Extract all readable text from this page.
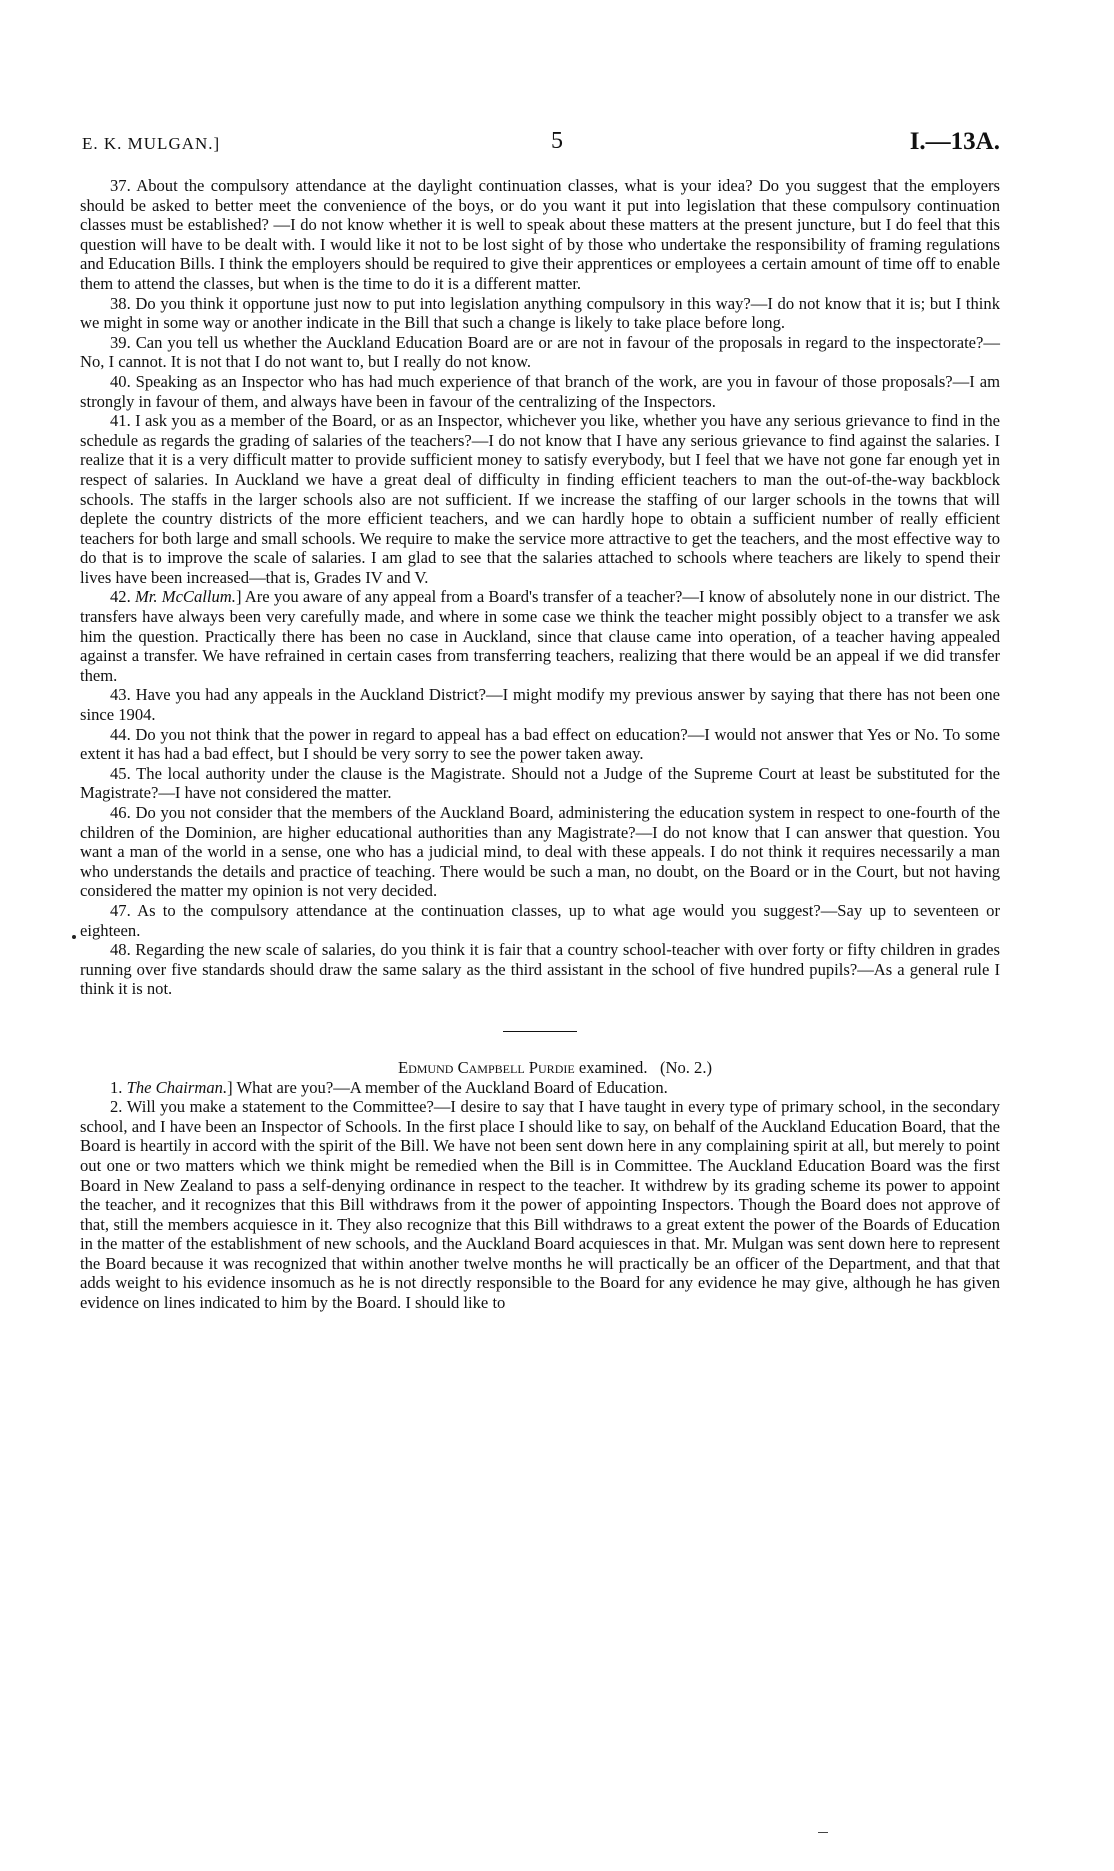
E. K. MULGAN.]	5	I.—13A.

37. About the compulsory attendance at the daylight continuation classes, what is your idea? Do you suggest that the employers should be asked to better meet the convenience of the boys, or do you want it put into legislation that these compulsory continuation classes must be established? —I do not know whether it is well to speak about these matters at the present juncture, but I do feel that this question will have to be dealt with. I would like it not to be lost sight of by those who undertake the responsibility of framing regulations and Education Bills. I think the employers should be required to give their apprentices or employees a certain amount of time off to enable them to attend the classes, but when is the time to do it is a different matter.

38. Do you think it opportune just now to put into legislation anything compulsory in this way?—I do not know that it is; but I think we might in some way or another indicate in the Bill that such a change is likely to take place before long.

39. Can you tell us whether the Auckland Education Board are or are not in favour of the proposals in regard to the inspectorate?—No, I cannot. It is not that I do not want to, but I really do not know.

40. Speaking as an Inspector who has had much experience of that branch of the work, are you in favour of those proposals?—I am strongly in favour of them, and always have been in favour of the centralizing of the Inspectors.

41. I ask you as a member of the Board, or as an Inspector, whichever you like, whether you have any serious grievance to find in the schedule as regards the grading of salaries of the teachers?—I do not know that I have any serious grievance to find against the salaries. I realize that it is a very difficult matter to provide sufficient money to satisfy everybody, but I feel that we have not gone far enough yet in respect of salaries. In Auckland we have a great deal of difficulty in finding efficient teachers to man the out-of-the-way backblock schools. The staffs in the larger schools also are not sufficient. If we increase the staffing of our larger schools in the towns that will deplete the country districts of the more efficient teachers, and we can hardly hope to obtain a sufficient number of really efficient teachers for both large and small schools. We require to make the service more attractive to get the teachers, and the most effective way to do that is to improve the scale of salaries. I am glad to see that the salaries attached to schools where teachers are likely to spend their lives have been increased—that is, Grades IV and V.

42. Mr. McCallum.] Are you aware of any appeal from a Board's transfer of a teacher?—I know of absolutely none in our district. The transfers have always been very carefully made, and where in some case we think the teacher might possibly object to a transfer we ask him the question. Practically there has been no case in Auckland, since that clause came into operation, of a teacher having appealed against a transfer. We have refrained in certain cases from transferring teachers, realizing that there would be an appeal if we did transfer them.

43. Have you had any appeals in the Auckland District?—I might modify my previous answer by saying that there has not been one since 1904.

44. Do you not think that the power in regard to appeal has a bad effect on education?—I would not answer that Yes or No. To some extent it has had a bad effect, but I should be very sorry to see the power taken away.

45. The local authority under the clause is the Magistrate. Should not a Judge of the Supreme Court at least be substituted for the Magistrate?—I have not considered the matter.

46. Do you not consider that the members of the Auckland Board, administering the education system in respect to one-fourth of the children of the Dominion, are higher educational authorities than any Magistrate?—I do not know that I can answer that question. You want a man of the world in a sense, one who has a judicial mind, to deal with these appeals. I do not think it requires necessarily a man who understands the details and practice of teaching. There would be such a man, no doubt, on the Board or in the Court, but not having considered the matter my opinion is not very decided.

47. As to the compulsory attendance at the continuation classes, up to what age would you suggest?—Say up to seventeen or eighteen.

48. Regarding the new scale of salaries, do you think it is fair that a country school-teacher with over forty or fifty children in grades running over five standards should draw the same salary as the third assistant in the school of five hundred pupils?—As a general rule I think it is not.

Edmund Campbell Purdie examined. (No. 2.)

1. The Chairman.] What are you?—A member of the Auckland Board of Education.

2. Will you make a statement to the Committee?—I desire to say that I have taught in every type of primary school, in the secondary school, and I have been an Inspector of Schools. In the first place I should like to say, on behalf of the Auckland Education Board, that the Board is heartily in accord with the spirit of the Bill. We have not been sent down here in any complaining spirit at all, but merely to point out one or two matters which we think might be remedied when the Bill is in Committee. The Auckland Education Board was the first Board in New Zealand to pass a self-denying ordinance in respect to the teacher. It withdrew by its grading scheme its power to appoint the teacher, and it recognizes that this Bill withdraws from it the power of appointing Inspectors. Though the Board does not approve of that, still the members acquiesce in it. They also recognize that this Bill withdraws to a great extent the power of the Boards of Education in the matter of the establishment of new schools, and the Auckland Board acquiesces in that. Mr. Mulgan was sent down here to represent the Board because it was recognized that within another twelve months he will practically be an officer of the Department, and that that adds weight to his evidence insomuch as he is not directly responsible to the Board for any evidence he may give, although he has given evidence on lines indicated to him by the Board. I should like to
